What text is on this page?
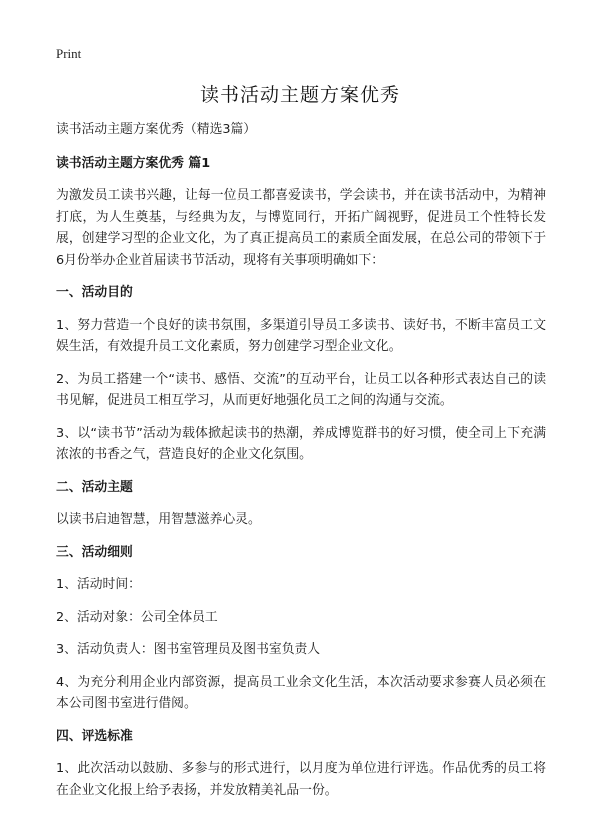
Print
读书活动主题方案优秀

读书活动主题方案优秀（精选3篇）

读书活动主题方案优秀 篇1

为激发员工读书兴趣，让每一位员工都喜爱读书，学会读书，并在读书活动中，为精神打底，为人生奠基，与经典为友，与博览同行，开拓广阔视野，促进员工个性特长发展，创建学习型的企业文化，为了真正提高员工的素质全面发展，在总公司的带领下于6月份举办企业首届读书节活动，现将有关事项明确如下：

一、活动目的

1、努力营造一个良好的读书氛围，多渠道引导员工多读书、读好书，不断丰富员工文娱生活，有效提升员工文化素质，努力创建学习型企业文化。

2、为员工搭建一个“读书、感悟、交流”的互动平台，让员工以各种形式表达自己的读书见解，促进员工相互学习，从而更好地强化员工之间的沟通与交流。

3、以“读书节”活动为载体掀起读书的热潮，养成博览群书的好习惯，使全司上下充满浓浓的书香之气，营造良好的企业文化氛围。

二、活动主题

以读书启迪智慧，用智慧滋养心灵。

三、活动细则

1、活动时间：

2、活动对象：公司全体员工

3、活动负责人：图书室管理员及图书室负责人

4、为充分利用企业内部资源，提高员工业余文化生活，本次活动要求参赛人员必须在本公司图书室进行借阅。

四、评选标准

1、此次活动以鼓励、多参与的形式进行，以月度为单位进行评选。作品优秀的员工将在企业文化报上给予表扬，并发放精美礼品一份。
